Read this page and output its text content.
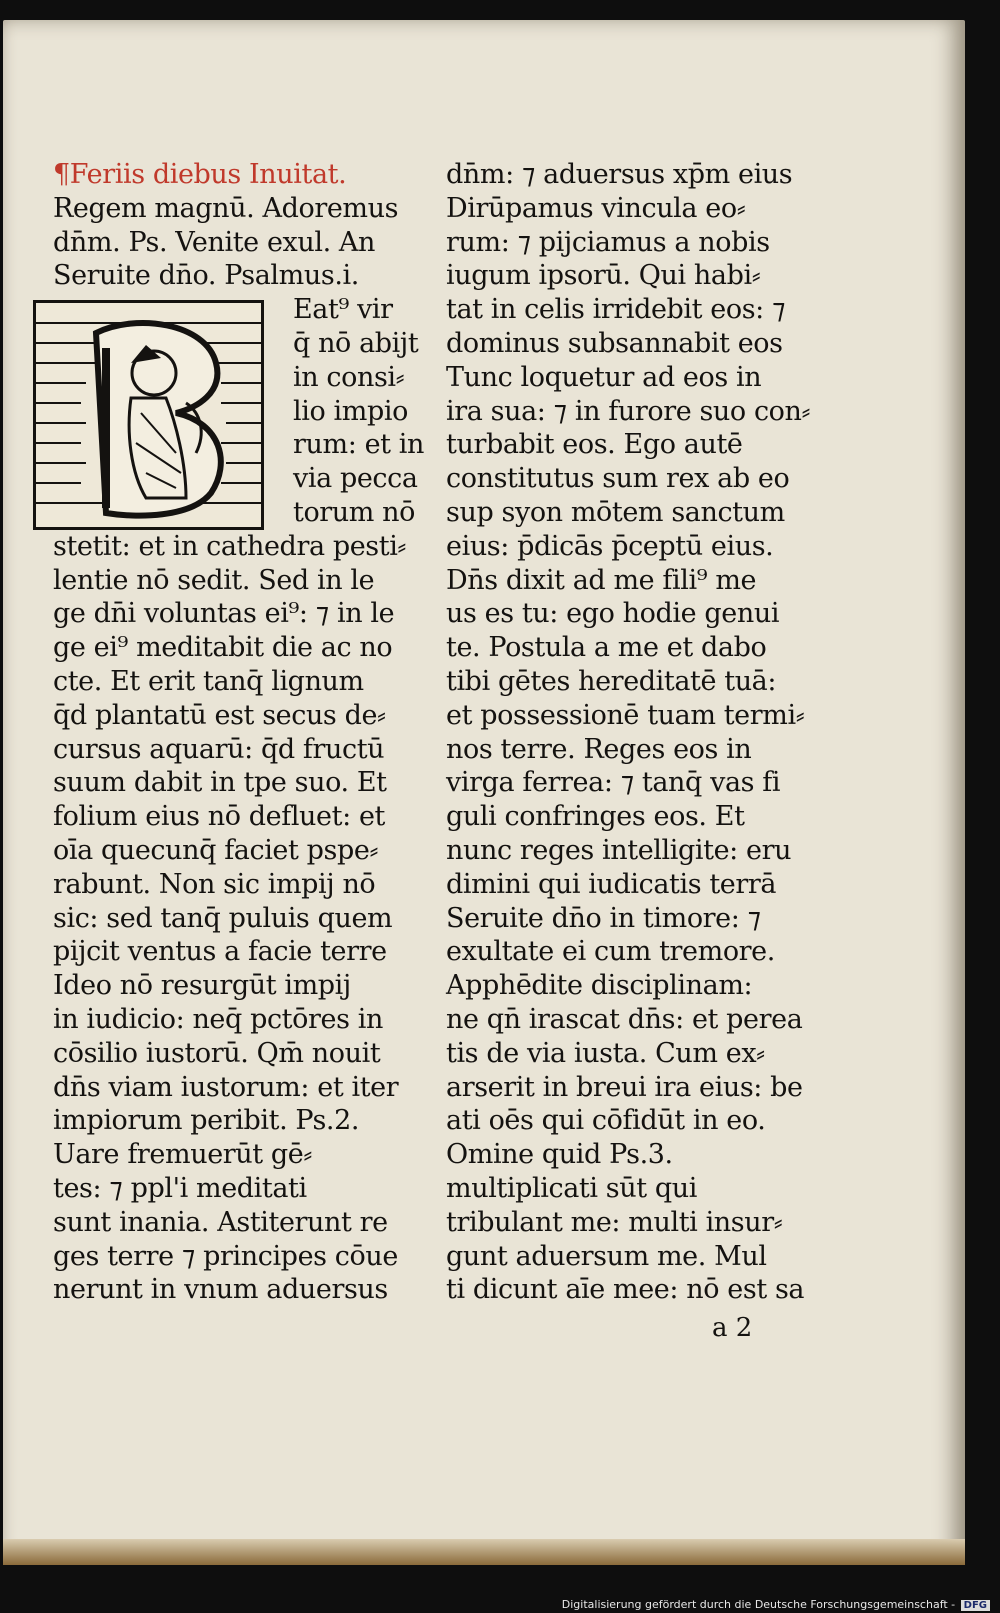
¶Feriis diebus Inuitat.
Regem magnū. Adoremus
dn̄m. Ps. Venite exul. An
Seruite dn̄o. Psalmus.i.
Eat⁹ vir
q̄ nō abijt
in consi⸗
lio impio
rum: et in
via pecca
torum nō
stetit: et in cathedra pesti⸗
lentie nō sedit. Sed in le
ge dn̄i voluntas ei⁹: ⁊ in le
ge ei⁹ meditabit die ac no
cte. Et erit tanq̄ lignum
q̄d plantatū est secus de⸗
cursus aquarū: q̄d fructū
suum dabit in tpe suo. Et
folium eius nō defluet: et
oīa quecunq̄ faciet pspe⸗
rabunt. Non sic impij nō
sic: sed tanq̄ puluis quem
pijcit ventus a facie terre
Ideo nō resurgūt impij
in iudicio: neq̄ pctōres in
cōsilio iustorū. Qm̄ nouit
dn̄s viam iustorum: et iter
impiorum peribit. Ps.2.
Uare fremuerūt gē⸗
tes: ⁊ ppl'i meditati
sunt inania. Astiterunt re
ges terre ⁊ principes cōue
nerunt in vnum aduersus
dn̄m: ⁊ aduersus xp̄m eius
Dirūpamus vincula eo⸗
rum: ⁊ pijciamus a nobis
iugum ipsorū. Qui habi⸗
tat in celis irridebit eos: ⁊
dominus subsannabit eos
Tunc loquetur ad eos in
ira sua: ⁊ in furore suo con⸗
turbabit eos. Ego autē
constitutus sum rex ab eo
sup syon mōtem sanctum
eius: p̄dicās p̄ceptū eius.
Dn̄s dixit ad me fili⁹ me
us es tu: ego hodie genui
te. Postula a me et dabo
tibi gētes hereditatē tuā:
et possessionē tuam termi⸗
nos terre. Reges eos in
virga ferrea: ⁊ tanq̄ vas fi
guli confringes eos. Et
nunc reges intelligite: eru
dimini qui iudicatis terrā
Seruite dn̄o in timore: ⁊
exultate ei cum tremore.
Apphēdite disciplinam:
ne qn̄ irascat dn̄s: et perea
tis de via iusta. Cum ex⸗
arserit in breui ira eius: be
ati oēs qui cōfidūt in eo.
Omine quid Ps.3.
multiplicati sūt qui
tribulant me: multi insur⸗
gunt aduersum me. Mul
ti dicunt aīe mee: nō est sa
a 2
Digitalisierung gefördert durch die Deutsche Forschungsgemeinschaft - DFG
